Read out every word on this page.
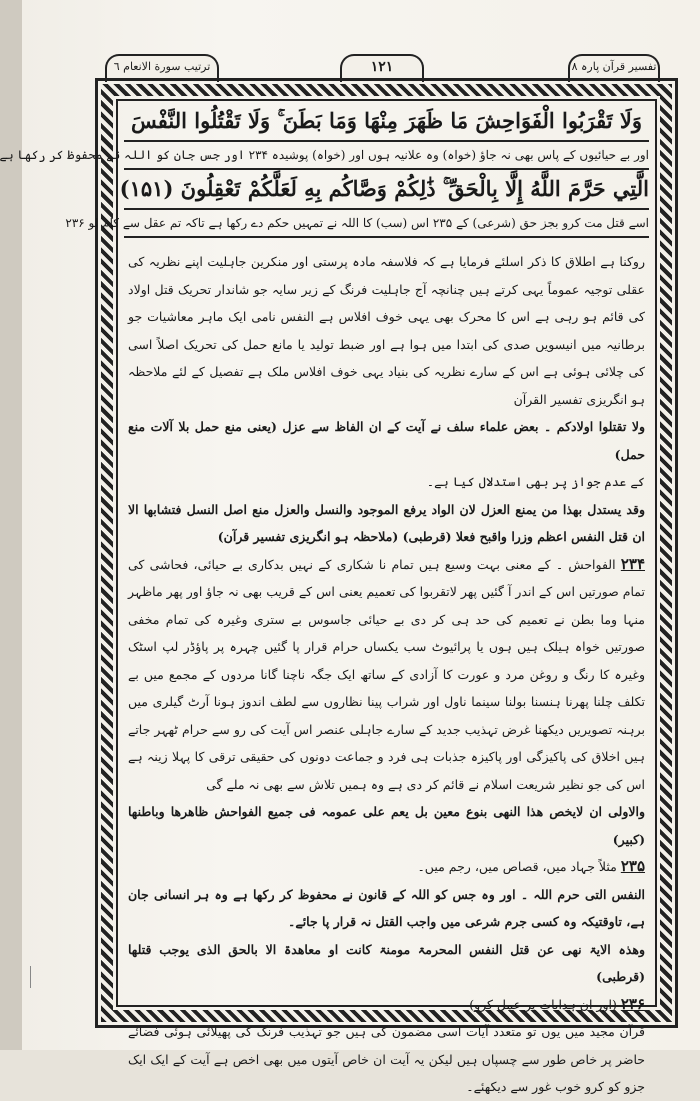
ترتيب سورة الانعام ٦	۱۲۱	تفسیر قرآن پارہ ۸
وَلَا تَقْرَبُوا الْفَوَاحِشَ مَا ظَهَرَ مِنْهَا وَمَا بَطَنَ ۚ وَلَا تَقْتُلُوا النَّفْسَ
اور بے حیائیوں کے پاس بھی نہ جاؤ (خواہ) وہ علانیہ ہوں اور (خواہ) پوشیدہ ۲۳۴ اور جس جان کو اللہ نے محفوظ کر رکھا ہے
الَّتِي حَرَّمَ اللَّهُ إِلَّا بِالْحَقِّ ۚ ذَٰلِكُمْ وَصَّاكُم بِهِ لَعَلَّكُمْ تَعْقِلُونَ (۱۵۱)
اسے قتل مت کرو بجز حق (شرعی) کے ۲۳۵ اس (سب) کا اللہ نے تمہیں حکم دے رکھا ہے تاکہ تم عقل سے کام لو ۲۳۶
روکنا ہے اطلاق کا ذکر اسلئے فرمایا ہے کہ فلاسفہ مادہ پرستی اور منکرین جاہلیت اپنے نظریہ کی عقلی توجیہ عموماً یہی کرتے ہیں چنانچہ آج جاہلیت فرنگ کے زیر سایہ جو شاندار تحریک قتل اولاد کی قائم ہو رہی ہے اس کا محرک بھی یہی خوف افلاس ہے النفس نامی ایک ماہر معاشیات جو برطانیہ میں انیسویں صدی کی ابتدا میں ہوا ہے اور ضبط تولید یا مانع حمل کی تحریک اصلاً اسی کی چلائی ہوئی ہے اس کے سارے نظریہ کی بنیاد یہی خوف افلاس ملک ہے تفصیل کے لئے ملاحظہ ہو انگریزی تفسیر القرآن
ولا تقتلوا اولادکم ۔ بعض علماء سلف نے آیت کے ان الفاظ سے عزل (یعنی منع حمل بلا آلات منع حمل)
کے عدم جواز پر بھی استدلال کیا ہے۔
وقد یستدل بھذا من یمنع العزل لان الواد یرفع الموجود والنسل والعزل منع اصل النسل فتشابھا الا ان قتل النفس اعظم وزرا واقبح فعلا (قرطبی) (ملاحظہ ہو انگریزی تفسیر قرآن)
۲۳۴ الفواحش ۔ کے معنی بہت وسیع ہیں تمام نا شکاری کے نہیں بدکاری بے حیائی، فحاشی کی تمام صورتیں اس کے اندر آ گئیں پھر لاتقربوا کی تعمیم یعنی اس کے قریب بھی نہ جاؤ اور پھر ماظہر منہا وما بطن نے تعمیم کی حد ہی کر دی بے حیائی جاسوس بے ستری وغیرہ کی تمام مخفی صورتیں خواہ ہیلک ہیں ہوں یا پرائیوٹ سب یکساں حرام قرار پا گئیں چہرہ پر پاؤڈر لپ اسٹک وغیرہ کا رنگ و روغن مرد و عورت کا آزادی کے ساتھ ایک جگہ ناچنا گانا مردوں کے مجمع میں بے تکلف چلنا پھرنا ہنسنا بولنا سینما ناول اور شراب پینا نظاروں سے لطف اندوز ہونا آرٹ گیلری میں برہنہ تصویریں دیکھنا غرض تہذیب جدید کے سارے جاہلی عنصر اس آیت کی رو سے حرام ٹھہر جاتے ہیں اخلاق کی پاکیزگی اور پاکیزہ جذبات ہی فرد و جماعت دونوں کی حقیقی ترقی کا پہلا زینہ ہے اس کی جو نظیر شریعت اسلام نے قائم کر دی ہے وہ ہمیں تلاش سے بھی نہ ملے گی
والاولی ان لایخص ھذا النھی بنوع معین بل یعم علی عمومہ فی جمیع الفواحش ظاھرھا وباطنھا (کبیر)
۲۳۵ مثلاً جہاد میں، قصاص میں، رجم میں۔
النفس التی حرم اللہ ۔ اور وہ جس کو اللہ کے قانون نے محفوظ کر رکھا ہے وہ ہر انسانی جان ہے، تاوقتیکہ وہ کسی جرم شرعی میں واجب القتل نہ قرار پا جائے۔
وھذہ الایۃ نھی عن قتل النفس المحرمۃ مومنۃ کانت او معاھدۃ الا بالحق الذی یوجب قتلھا (قرطبی)
۲۳۶ (اور ان ہدایات پر عمل کرو)
قرآن مجید میں یوں تو متعدد آیات اسی مضمون کی ہیں جو تہذیب فرنگ کی پھیلائی ہوئی فضائے حاضر پر خاص طور سے چسپاں ہیں لیکن یہ آیت ان خاص آیتوں میں بھی اخص ہے آیت کے ایک ایک جزو کو کرو خوب غور سے دیکھئے۔
